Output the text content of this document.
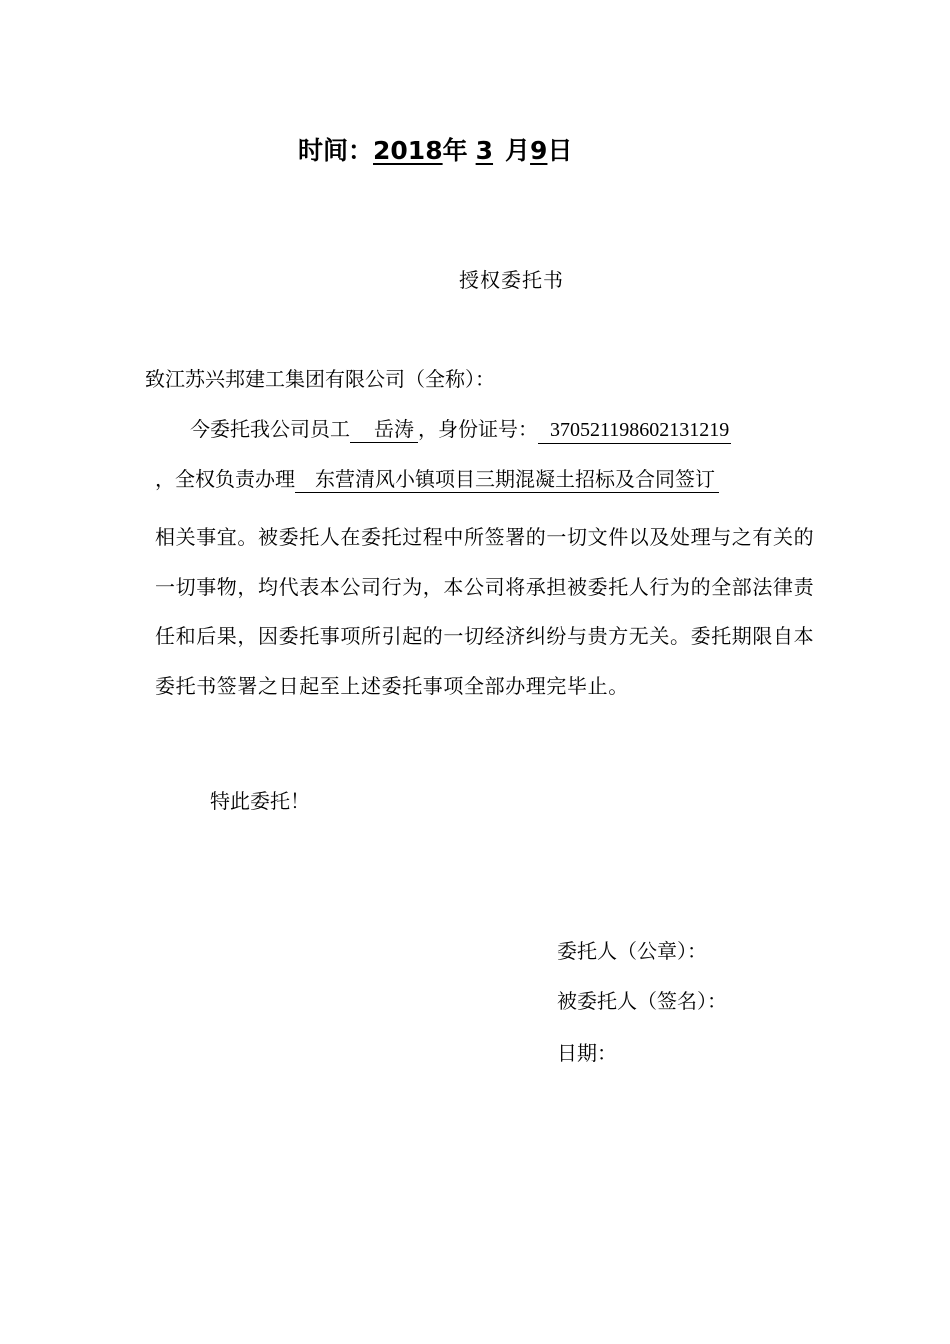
时间：2018年 3 月9日
授权委托书
致江苏兴邦建工集团有限公司（全称）：
今委托我公司员工 岳涛 ，身份证号： 370521198602131219
，全权负责办理 东营清风小镇项目三期混凝土招标及合同签订
相关事宜。被委托人在委托过程中所签署的一切文件以及处理与之有关的一切事物，均代表本公司行为，本公司将承担被委托人行为的全部法律责任和后果，因委托事项所引起的一切经济纠纷与贵方无关。委托期限自本委托书签署之日起至上述委托事项全部办理完毕止。
特此委托！
委托人（公章）：
被委托人（签名）：
日期：
